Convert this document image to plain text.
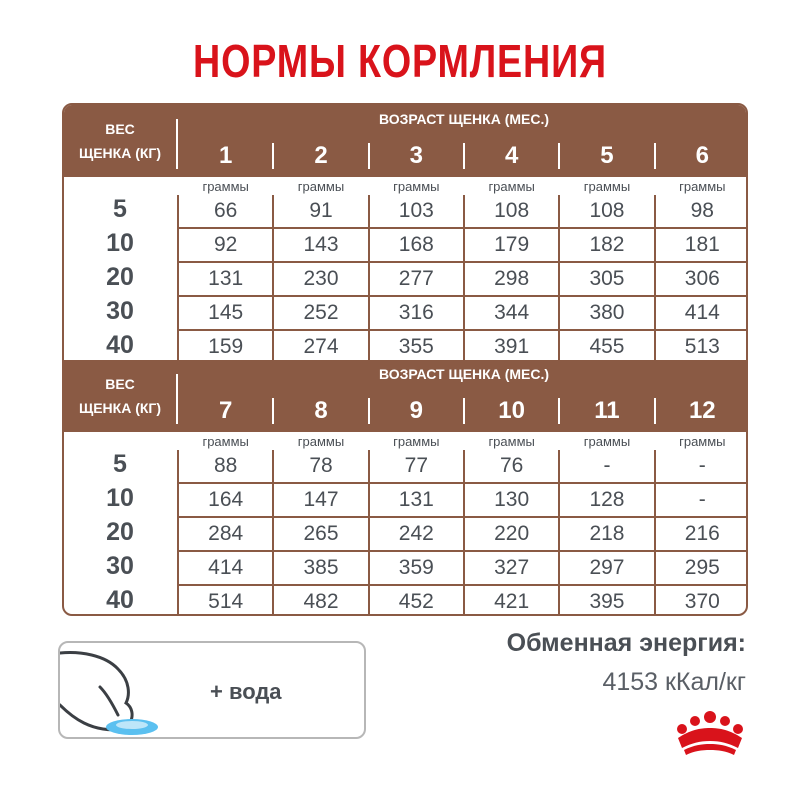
НОРМЫ КОРМЛЕНИЯ
ВЕС
ЩЕНКА (КГ)
ВОЗРАСТ ЩЕНКА (МЕС.)
1	2	3	4	5	6
граммы	граммы	граммы	граммы	граммы	граммы
5	66	91	103	108	108	98
10	92	143	168	179	182	181
20	131	230	277	298	305	306
30	145	252	316	344	380	414
40	159	274	355	391	455	513
ВЕС
ЩЕНКА (КГ)
ВОЗРАСТ ЩЕНКА (МЕС.)
7	8	9	10	11	12
граммы	граммы	граммы	граммы	граммы	граммы
5	88	78	77	76	-	-
10	164	147	131	130	128	-
20	284	265	242	220	218	216
30	414	385	359	327	297	295
40	514	482	452	421	395	370
+ вода
Обменная энергия:
4153 кКал/кг
